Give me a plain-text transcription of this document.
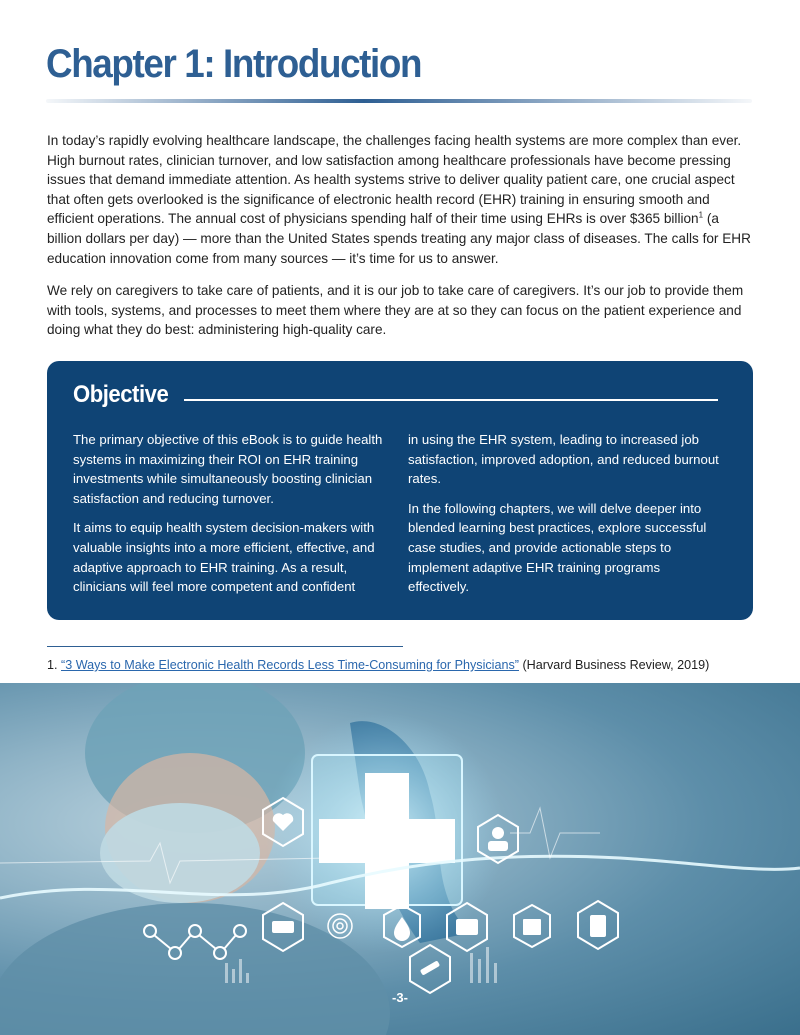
Chapter 1: Introduction

In today’s rapidly evolving healthcare landscape, the challenges facing health systems are more complex than ever. High burnout rates, clinician turnover, and low satisfaction among healthcare professionals have become pressing issues that demand immediate attention. As health systems strive to deliver quality patient care, one crucial aspect that often gets overlooked is the significance of electronic health record (EHR) training in ensuring smooth and efficient operations. The annual cost of physicians spending half of their time using EHRs is over $365 billion$^1$ (a billion dollars per day) — more than the United States spends treating any major class of diseases. The calls for EHR education innovation come from many sources — it’s time for us to answer.

We rely on caregivers to take care of patients, and it is our job to take care of caregivers. It’s our job to provide them with tools, systems, and processes to meet them where they are at so they can focus on the patient experience and doing what they do best: administering high-quality care.

Objective

The primary objective of this eBook is to guide health systems in maximizing their ROI on EHR training investments while simultaneously boosting clinician satisfaction and reducing turnover.

It aims to equip health system decision-makers with valuable insights into a more efficient, effective, and adaptive approach to EHR training. As a result, clinicians will feel more competent and confident

in using the EHR system, leading to increased job satisfaction, improved adoption, and reduced burnout rates.

In the following chapters, we will delve deeper into blended learning best practices, explore successful case studies, and provide actionable steps to implement adaptive EHR training programs effectively.

1. “3 Ways to Make Electronic Health Records Less Time-Consuming for Physicians” (Harvard Business Review, 2019)
-3-
